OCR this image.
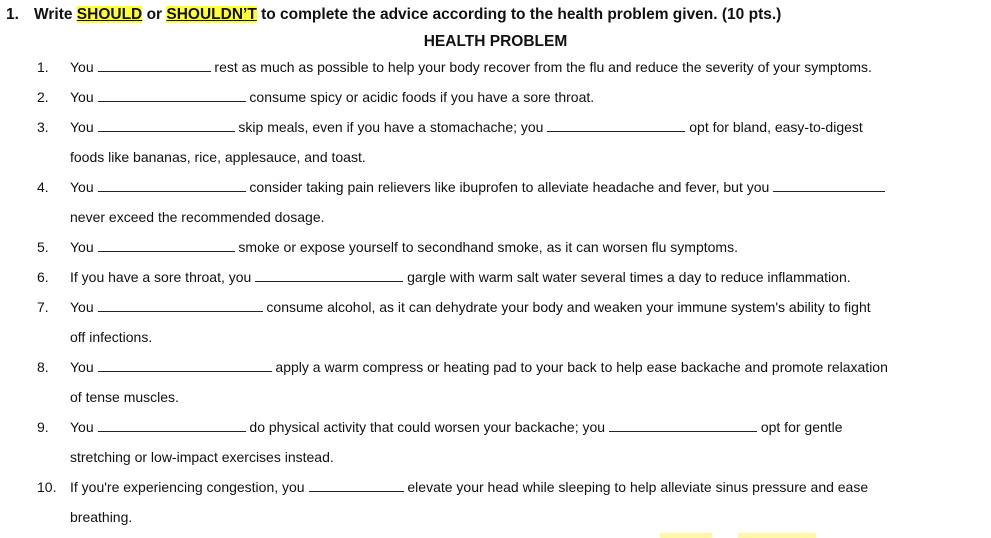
1. Write SHOULD or SHOULDN’T to complete the advice according to the health problem given. (10 pts.)

HEALTH PROBLEM

1. You	rest as much as possible to help your body recover from the flu and reduce the severity of your symptoms.
2. You	consume spicy or acidic foods if you have a sore throat.
3. You	skip meals, even if you have a stomachache; you	opt for bland, easy-to-digest
foods like bananas, rice, applesauce, and toast.
4. You	consider taking pain relievers like ibuprofen to alleviate headache and fever, but you
never exceed the recommended dosage.
5. You	smoke or expose yourself to secondhand smoke, as it can worsen flu symptoms.
6. If you have a sore throat, you	gargle with warm salt water several times a day to reduce inflammation.
7. You	consume alcohol, as it can dehydrate your body and weaken your immune system's ability to fight
off infections.
8. You	apply a warm compress or heating pad to your back to help ease backache and promote relaxation
of tense muscles.
9. You	do physical activity that could worsen your backache; you	opt for gentle
stretching or low-impact exercises instead.
10. If you're experiencing congestion, you	elevate your head while sleeping to help alleviate sinus pressure and ease
breathing.
